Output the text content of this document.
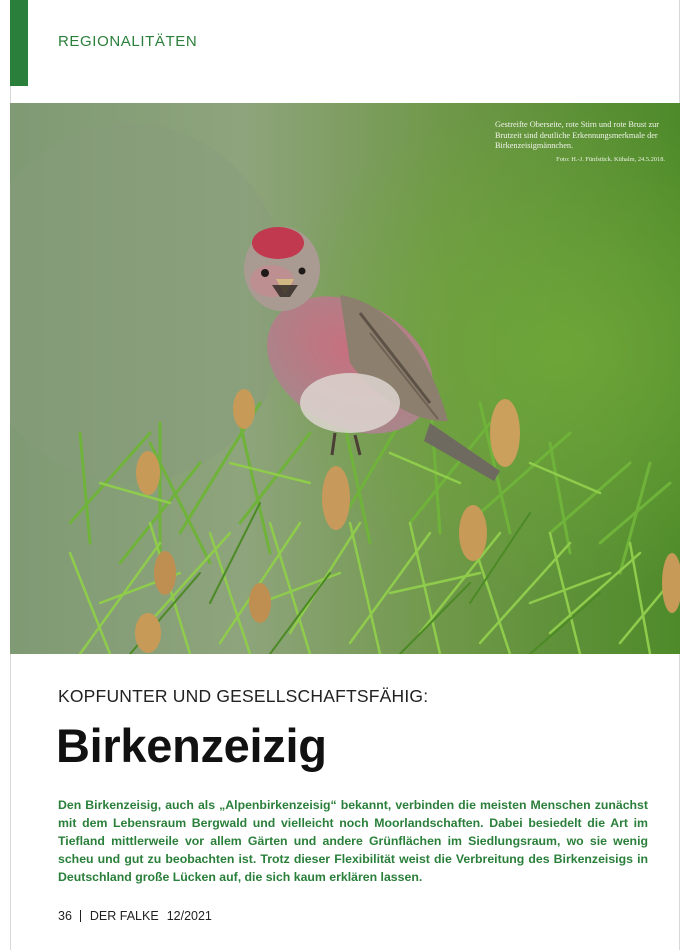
REGIONALITÄTEN
Gestreifte Oberseite, rote Stirn und rote Brust zur Brutzeit sind deutliche Erkennungsmerkmale der Birkenzeisigmännchen.
Foto: H.-J. Fünfstück. Kühalm, 24.5.2018.
KOPFUNTER UND GESELLSCHAFTSFÄHIG:
Birkenzeizig

Den Birkenzeisig, auch als „Alpenbirkenzeisig“ bekannt, verbinden die meisten Menschen zunächst mit dem Lebensraum Bergwald und vielleicht noch Moorlandschaften. Dabei besiedelt die Art im Tiefland mittlerweile vor allem Gärten und andere Grünflächen im Siedlungsraum, wo sie wenig scheu und gut zu beobachten ist. Trotz dieser Flexibilität weist die Verbreitung des Birkenzeisigs in Deutschland große Lücken auf, die sich kaum erklären lassen.

36 DER FALKE 12/2021
